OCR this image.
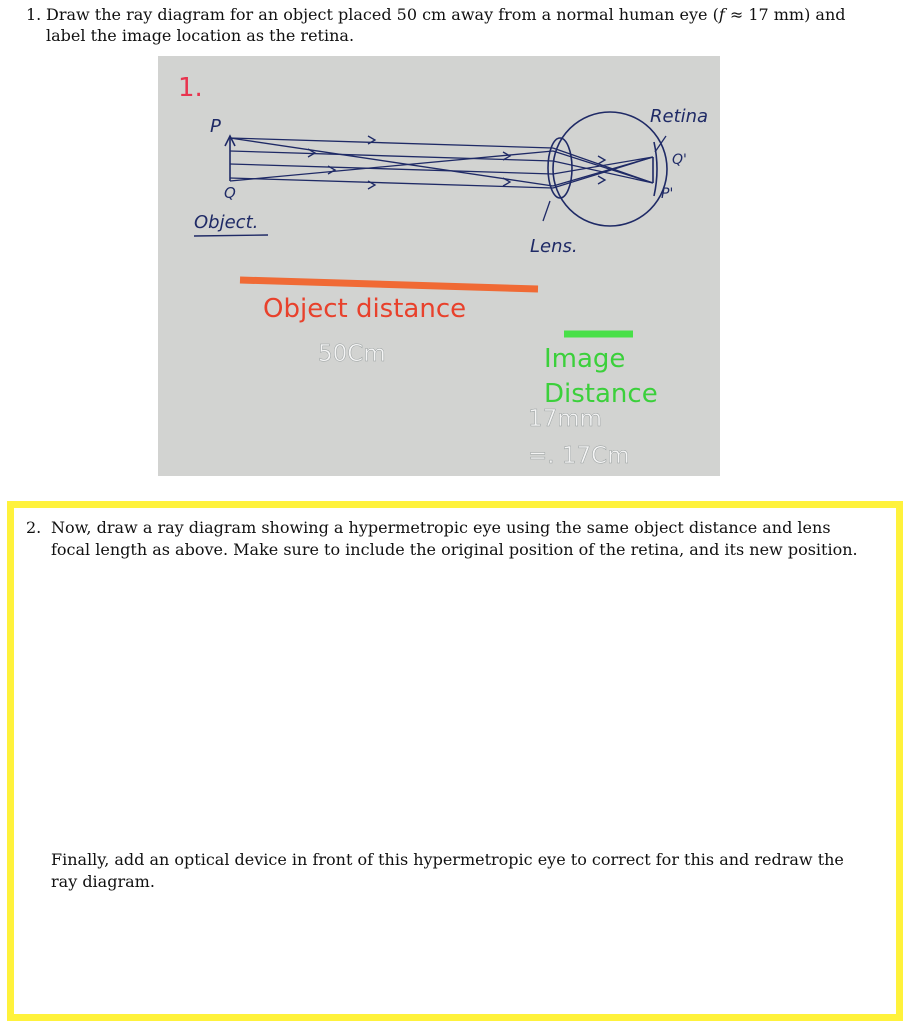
1. Draw the ray diagram for an object placed 50 cm away from a normal human eye (f ≈ 17 mm) and label the image location as the retina.
1.
P
Q
Object.
Retina
Q'
P'
Lens.
Object distance
50Cm	Image
Distance
17mm
=. 17Cm
2. Now, draw a ray diagram showing a hypermetropic eye using the same object distance and lens focal length as above. Make sure to include the original position of the retina, and its new position.
Finally, add an optical device in front of this hypermetropic eye to correct for this and redraw the ray diagram.
